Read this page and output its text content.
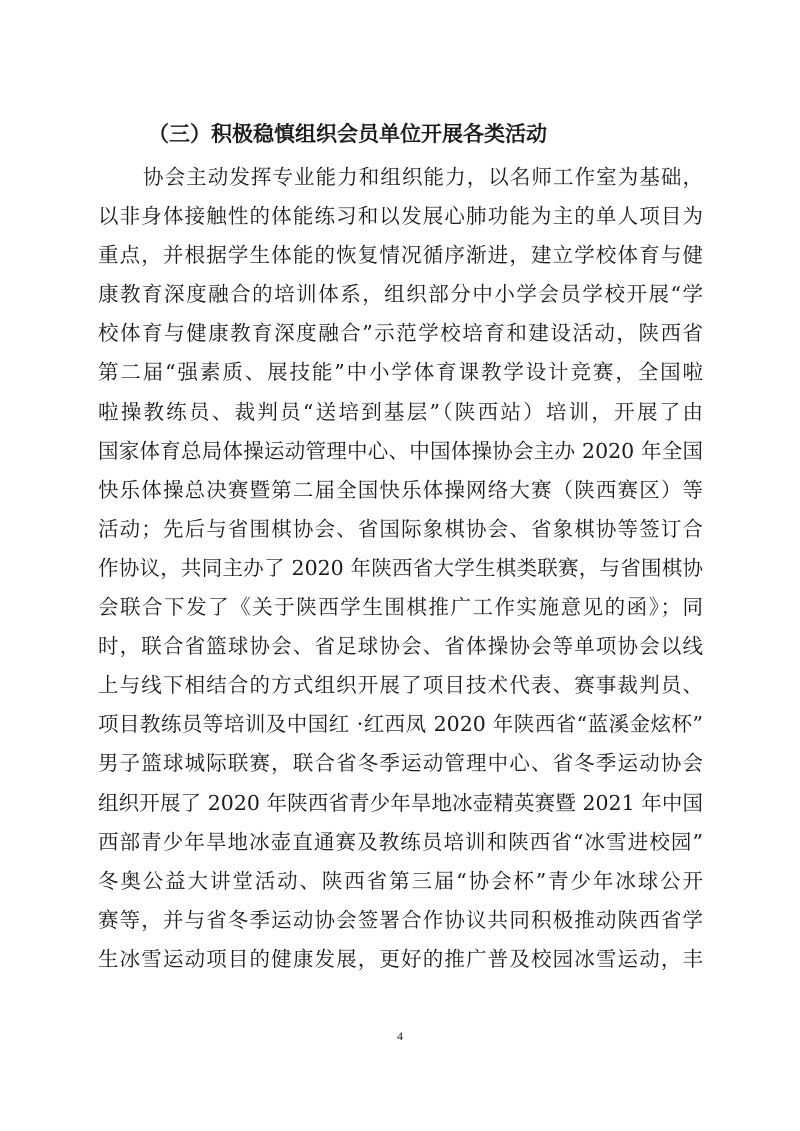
（三）积极稳慎组织会员单位开展各类活动
协会主动发挥专业能力和组织能力，以名师工作室为基础，
以非身体接触性的体能练习和以发展心肺功能为主的单人项目为
重点，并根据学生体能的恢复情况循序渐进，建立学校体育与健
康教育深度融合的培训体系，组织部分中小学会员学校开展“学
校体育与健康教育深度融合”示范学校培育和建设活动，陕西省
第二届“强素质、展技能”中小学体育课教学设计竞赛，全国啦
啦操教练员、裁判员“送培到基层”（陕西站）培训，开展了由
国家体育总局体操运动管理中心、中国体操协会主办 2020 年全国
快乐体操总决赛暨第二届全国快乐体操网络大赛（陕西赛区）等
活动；先后与省围棋协会、省国际象棋协会、省象棋协等签订合
作协议，共同主办了 2020 年陕西省大学生棋类联赛，与省围棋协
会联合下发了《关于陕西学生围棋推广工作实施意见的函》；同
时，联合省篮球协会、省足球协会、省体操协会等单项协会以线
上与线下相结合的方式组织开展了项目技术代表、赛事裁判员、
项目教练员等培训及中国红 ·红西凤 2020 年陕西省“蓝溪金炫杯”
男子篮球城际联赛，联合省冬季运动管理中心、省冬季运动协会
组织开展了 2020 年陕西省青少年旱地冰壶精英赛暨 2021 年中国
西部青少年旱地冰壶直通赛及教练员培训和陕西省“冰雪进校园”
冬奥公益大讲堂活动、陕西省第三届“协会杯”青少年冰球公开
赛等，并与省冬季运动协会签署合作协议共同积极推动陕西省学
生冰雪运动项目的健康发展，更好的推广普及校园冰雪运动，丰
4
